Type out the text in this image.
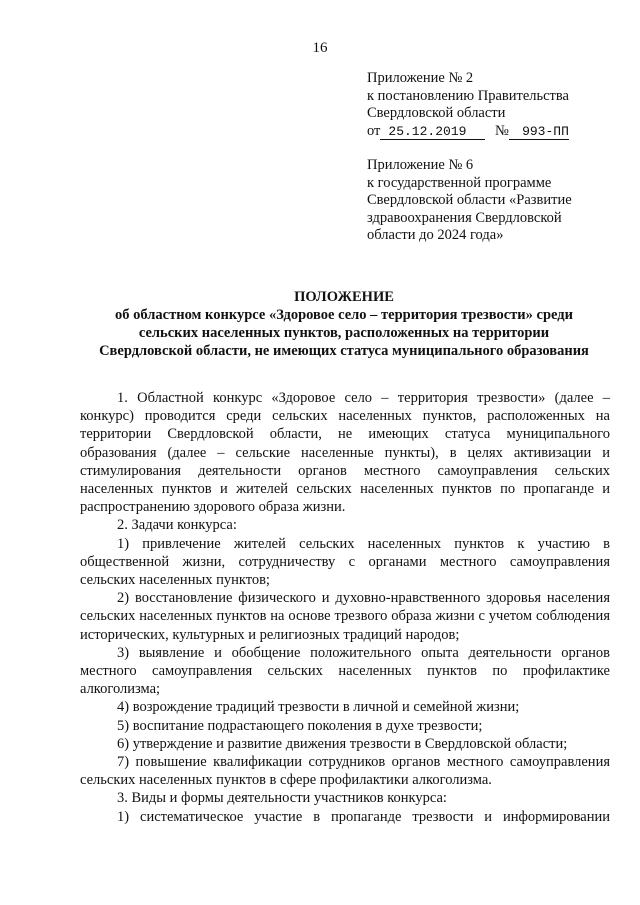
16
Приложение № 2
к постановлению Правительства
Свердловской области
от 25.12.2019 № 993-ПП
Приложение № 6
к государственной программе
Свердловской области «Развитие
здравоохранения Свердловской
области до 2024 года»
ПОЛОЖЕНИЕ
об областном конкурсе «Здоровое село – территория трезвости» среди
сельских населенных пунктов, расположенных на территории
Свердловской области, не имеющих статуса муниципального образования

1. Областной конкурс «Здоровое село – территория трезвости» (далее – конкурс) проводится среди сельских населенных пунктов, расположенных на территории Свердловской области, не имеющих статуса муниципального образования (далее – сельские населенные пункты), в целях активизации и стимулирования деятельности органов местного самоуправления сельских населенных пунктов и жителей сельских населенных пунктов по пропаганде и распространению здорового образа жизни.

2. Задачи конкурса:

1) привлечение жителей сельских населенных пунктов к участию в общественной жизни, сотрудничеству с органами местного самоуправления сельских населенных пунктов;

2) восстановление физического и духовно-нравственного здоровья населения сельских населенных пунктов на основе трезвого образа жизни с учетом соблюдения исторических, культурных и религиозных традиций народов;

3) выявление и обобщение положительного опыта деятельности органов местного самоуправления сельских населенных пунктов по профилактике алкоголизма;

4) возрождение традиций трезвости в личной и семейной жизни;

5) воспитание подрастающего поколения в духе трезвости;

6) утверждение и развитие движения трезвости в Свердловской области;

7) повышение квалификации сотрудников органов местного самоуправления сельских населенных пунктов в сфере профилактики алкоголизма.

3. Виды и формы деятельности участников конкурса:

1) систематическое участие в пропаганде трезвости и информировании
